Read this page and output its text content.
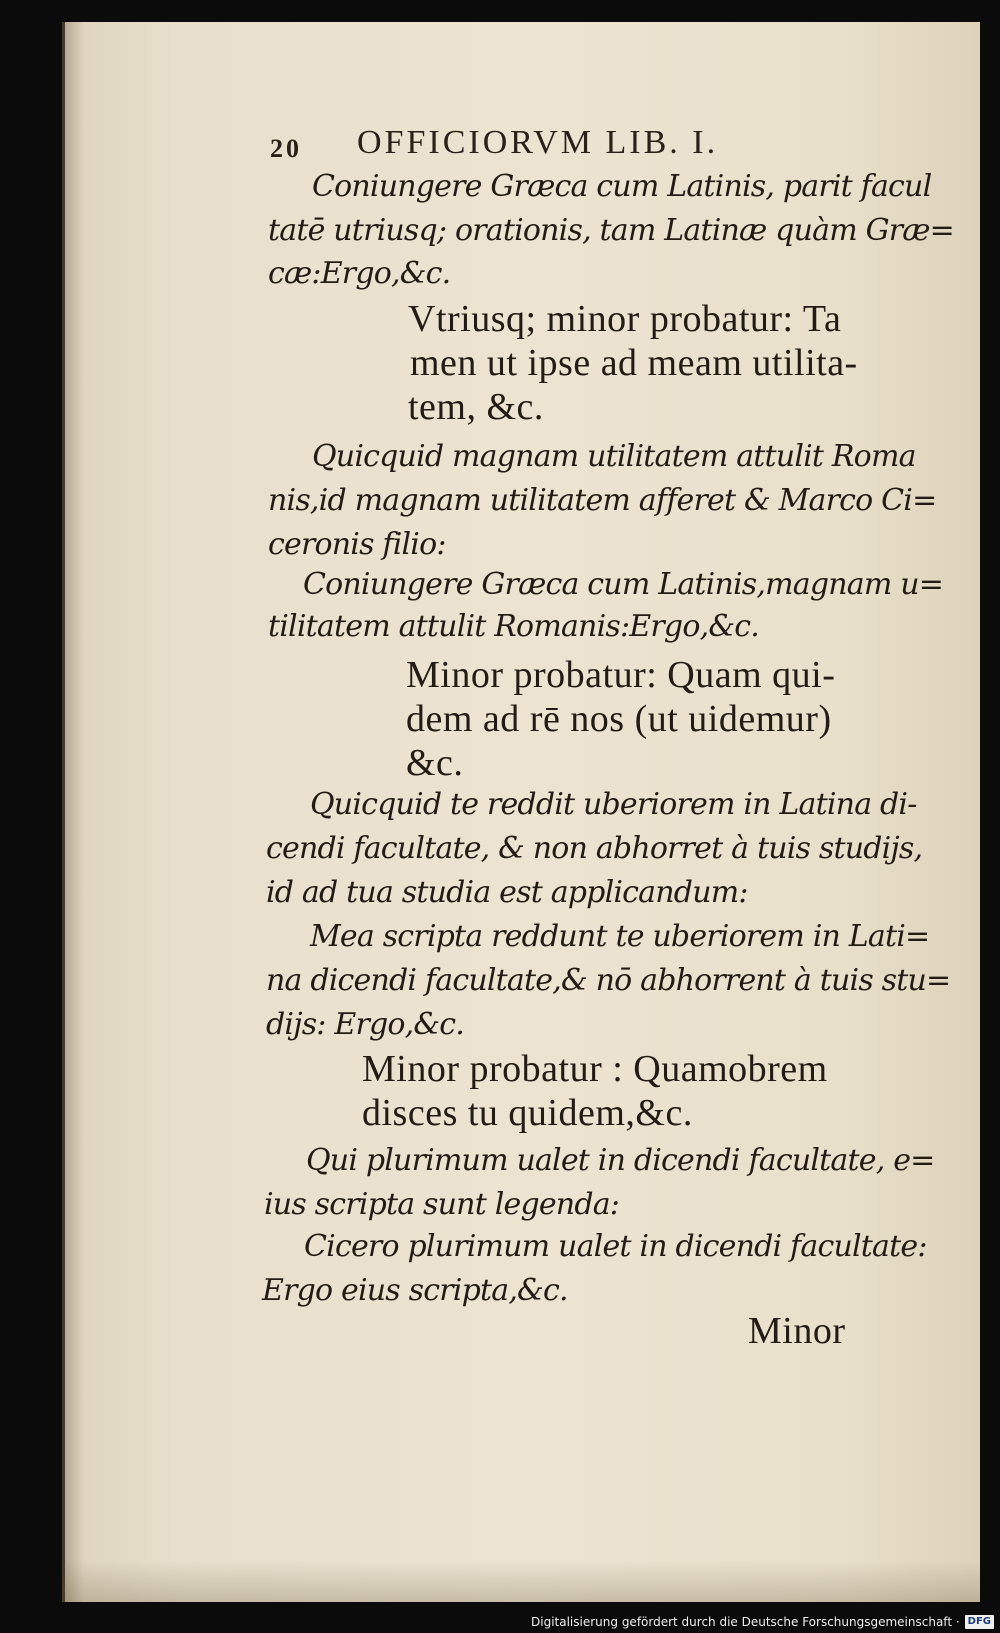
20 OFFICIORVM LIB. I.
Coniungere Græca cum Latinis, parit facul
tatē utriusq; orationis, tam Latinæ quàm Græ=
cæ:Ergo,&c.
Vtriusq; minor probatur: Ta
men ut ipse ad meam utilita-
tem, &c.
Quicquid magnam utilitatem attulit Roma
nis,id magnam utilitatem afferet & Marco Ci=
ceronis filio:
Coniungere Græca cum Latinis,magnam u=
tilitatem attulit Romanis:Ergo,&c.
Minor probatur: Quam qui-
dem ad rē nos (ut uidemur)
&c.
Quicquid te reddit uberiorem in Latina di-
cendi facultate, & non abhorret à tuis studijs,
id ad tua studia est applicandum:
Mea scripta reddunt te uberiorem in Lati=
na dicendi facultate,& nō abhorrent à tuis stu=
dijs: Ergo,&c.
Minor probatur : Quamobrem
disces tu quidem,&c.
Qui plurimum ualet in dicendi facultate, e=
ius scripta sunt legenda:
Cicero plurimum ualet in dicendi facultate:
Ergo eius scripta,&c.
Minor
Digitalisierung gefördert durch die Deutsche Forschungsgemeinschaft · DFG
